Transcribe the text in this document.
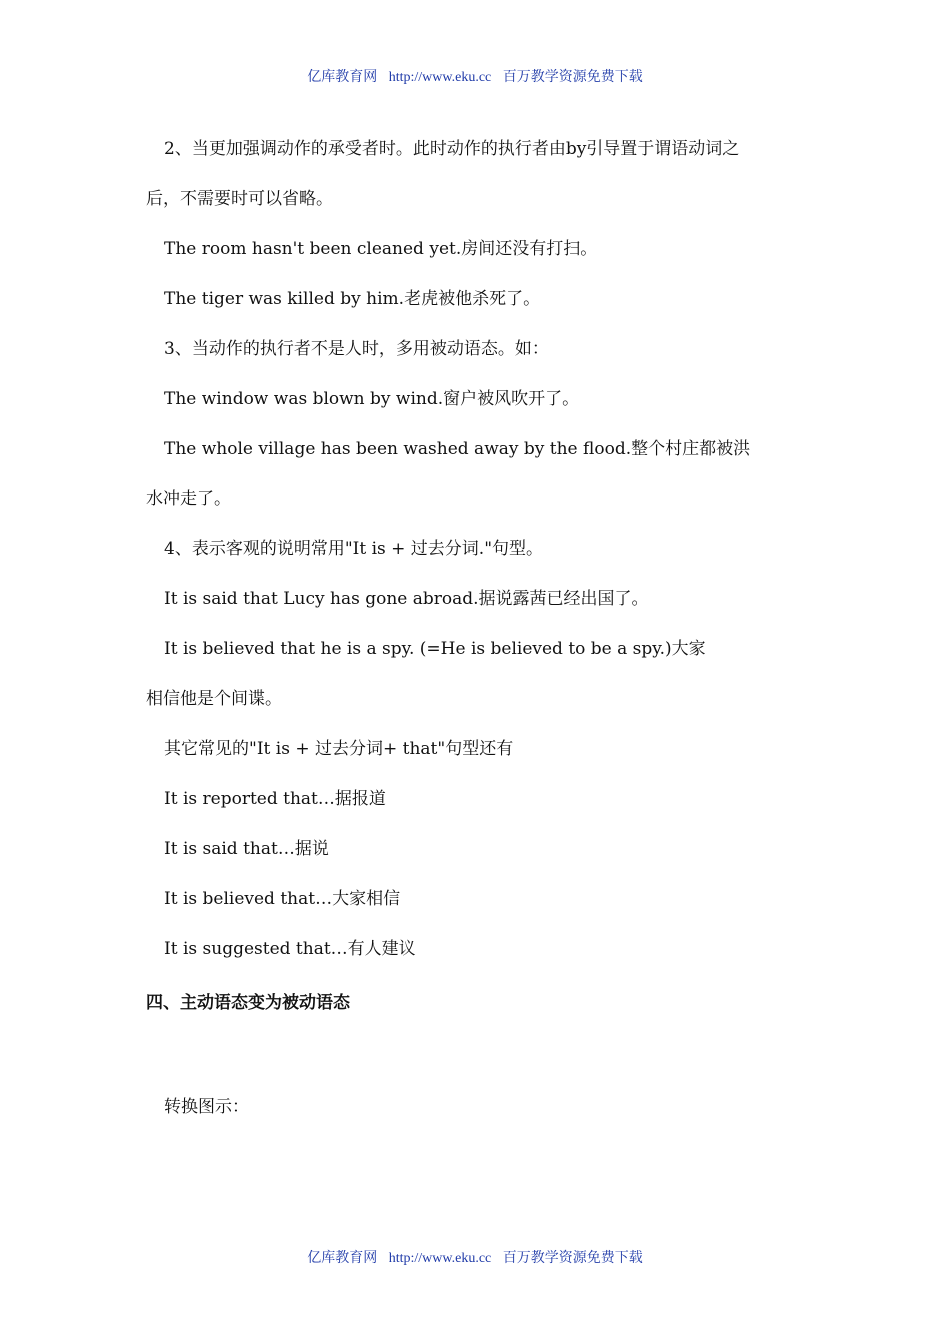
亿库教育网 http://www.eku.cc 百万教学资源免费下载

2、当更加强调动作的承受者时。此时动作的执行者由by引导置于谓语动词之

后，不需要时可以省略。

The room hasn't been cleaned yet.房间还没有打扫。

The tiger was killed by him.老虎被他杀死了。

3、当动作的执行者不是人时，多用被动语态。如：

The window was blown by wind.窗户被风吹开了。

The whole village has been washed away by the flood.整个村庄都被洪

水冲走了。

4、表示客观的说明常用"It is + 过去分词."句型。

It is said that Lucy has gone abroad.据说露茜已经出国了。

It is believed that he is a spy. (=He is believed to be a spy.)大家

相信他是个间谍。

其它常见的"It is + 过去分词+ that"句型还有

It is reported that…据报道

It is said that…据说

It is believed that…大家相信

It is suggested that…有人建议

四、主动语态变为被动语态

转换图示：

亿库教育网 http://www.eku.cc 百万教学资源免费下载
